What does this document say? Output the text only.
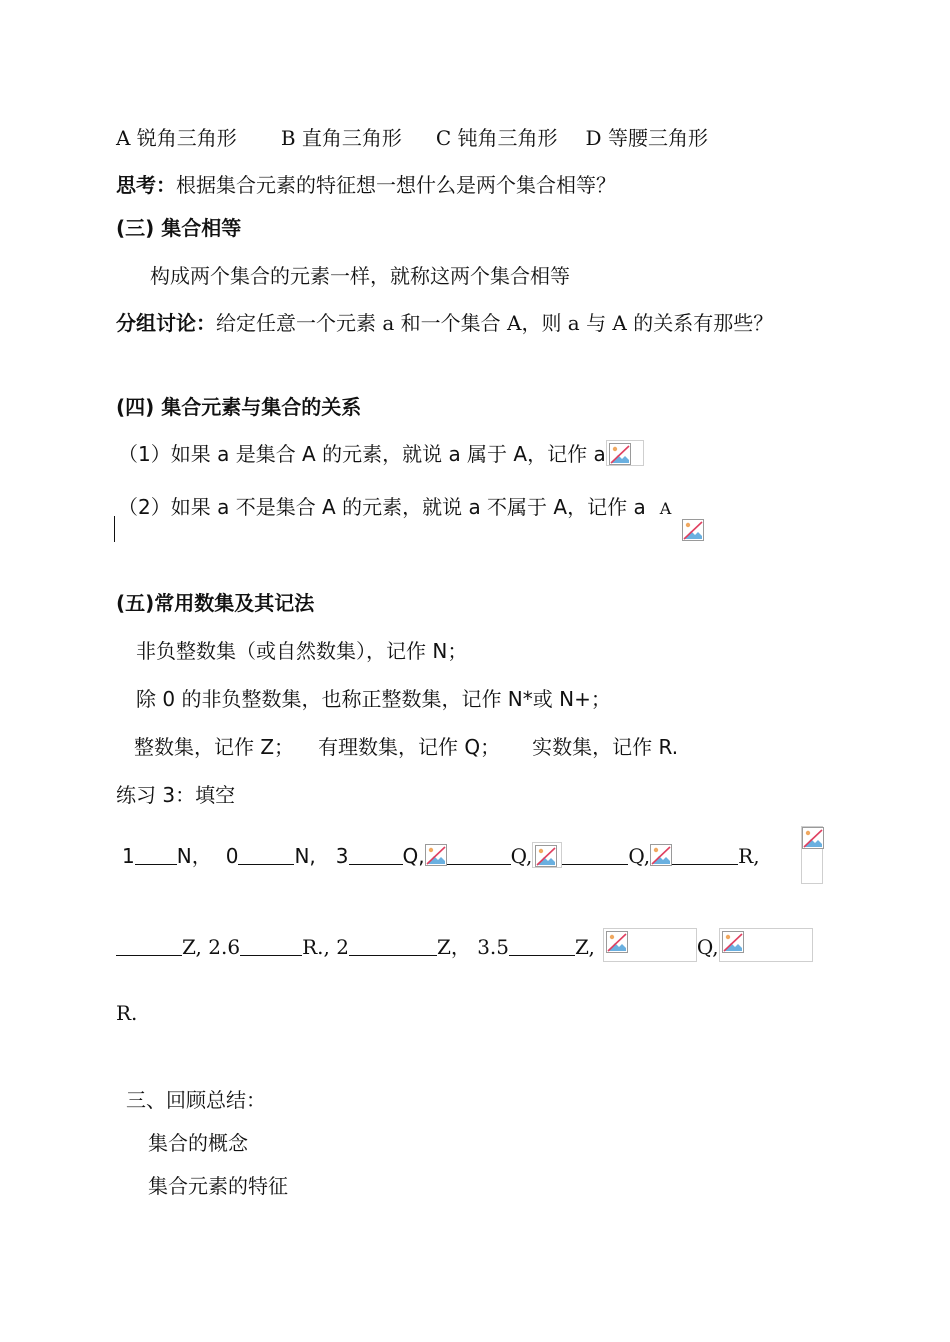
A 锐角三角形 B 直角三角形 C 钝角三角形 D 等腰三角形
思考：根据集合元素的特征想一想什么是两个集合相等？
(三) 集合相等
构成两个集合的元素一样，就称这两个集合相等
分组讨论：给定任意一个元素 a 和一个集合 A，则 a 与 A 的关系有那些？
(四) 集合元素与集合的关系
（1）如果 a 是集合 A 的元素，就说 a 属于 A，记作 a
（2）如果 a 不是集合 A 的元素，就说 a 不属于 A，记作 a A
(五)常用数集及其记法
非负整数集（或自然数集），记作 N；
除 0 的非负整数集，也称正整数集，记作 N*或 N+；
整数集，记作 Z； 有理数集，记作 Q； 实数集，记作 R.
练习 3：填空
1 N， 0	N, 3	Q,	Q,	Q,	R,
Z, 2.6	R., 2	Z， 3.5	Z,	Q,
R.
三、回顾总结：
集合的概念
集合元素的特征
